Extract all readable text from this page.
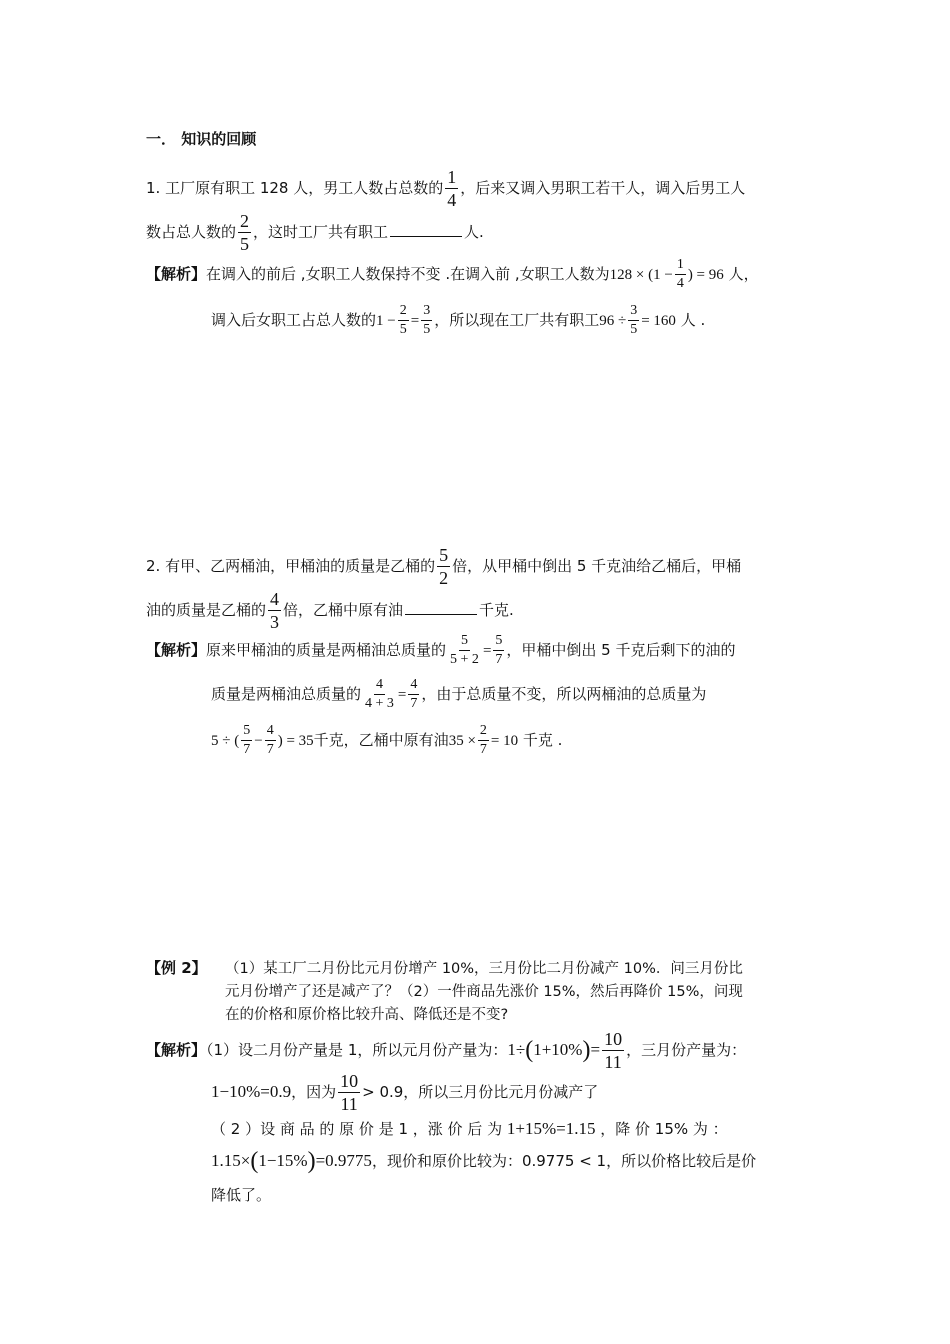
一． 知识的回顾
1. 工厂原有职工 128 人，男工人数占总数的 $\frac{1}{4}$ ，后来又调入男职工若干人，调入后男工人
数占总人数的 $\frac{2}{5}$ ，这时工厂共有职工	人.
【解析】在调入的前后 ,女职工人数保持不变 .在调入前 ,女职工人数为$128 \times (1 - \frac{1}{4}$ ) = 96 人，
调入后女职工占总人数的$1 - \frac{2}{5} = \frac{3}{5}$ ，所以现在工厂共有职工$96 \div \frac{3}{5} = 160$ 人 .
2. 有甲、乙两桶油，甲桶油的质量是乙桶的 $\frac{5}{2}$ 倍，从甲桶中倒出 5 千克油给乙桶后，甲桶
油的质量是乙桶的 $\frac{4}{3}$ 倍，乙桶中原有油	千克.
【解析】原来甲桶油的质量是两桶油总质量的 $\frac{5}{5 + 2} = \frac{5}{7}$ ，甲桶中倒出 5 千克后剩下的油的
质量是两桶油总质量的 $\frac{4}{4 + 3} = \frac{4}{7}$ ，由于总质量不变，所以两桶油的总质量为
5 ÷ ( $\frac{5}{7} - \frac{4}{7}$ ) = 35千克，乙桶中原有油$35 \times \frac{2}{7} = 10$ 千克 .
【例 2】 （1）某工厂二月份比元月份增产 10%，三月份比二月份减产 10%．问三月份比
元月份增产了还是减产了？（2）一件商品先涨价 15%，然后再降价 15%，问现
在的价格和原价格比较升高、降低还是不变?
【解析】（1）设二月份产量是 1，所以元月份产量为：$1\div(1+10\%)= \frac{10}{11}$ ，三月份产量为：
1−10%=0.9，因为 $\frac{10}{11} > 0.9$，所以三月份比元月份减产了
（ 2 ）设 商 品 的 原 价 是 1 ，涨 价 后 为 1+15%=1.15 ，降 价 15% 为 ：
1.15×(1−15%)=0.9775，现价和原价比较为：0.9775 < 1，所以价格比较后是价
降低了。
